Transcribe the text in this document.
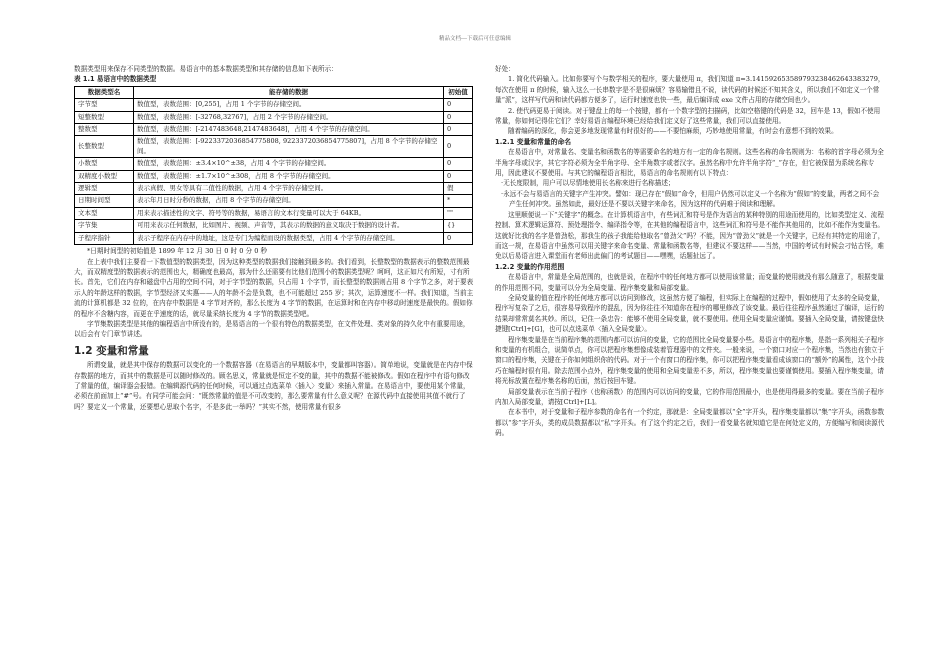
精品文档---下载后可任意编辑

数据类型用来保存不同类型的数据。易语言中的基本数据类型和其存储的信息如下表所示：

表 1.1 易语言中的数据类型
数据类型名	能存储的数据	初始值
字节型	数值型，表数范围：[0,255]，占用 1 个字节的存储空间。	0
短整数型	数值型，表数范围：[-32768,32767]，占用 2 个字节的存储空间。	0
整数型	数值型，表数范围：[-2147483648,2147483648]，占用 4 个字节的存储空间。	0
长整数型	数值型，表数范围：[-9223372036854775808, 9223372036854775807]，占用 8 个字节的存储空间。	0
小数型	数值型，表数范围：±3.4×10^±38，占用 4 个字节的存储空间。	0
双精度小数型	数值型，表数范围：±1.7×10^±308，占用 8 个字节的存储空间。	0
逻辑型	表示真假、男女等具有二值性的数据，占用 4 个字节的存储空间。	假
日期时间型	表示年月日时分秒的数据，占用 8 个字节的存储空间。	*
文本型	用来表示描述性的文字、符号等的数据，易语言的文本行变量可以大于 64KB。	""
字节集	可用来表示任何数据，比如图片、视频、声音等，其表示的数据的意义取决于数据的设计者。	{}
子程序指针	表示子程序在内存中的地址，这是专门为编程而设的数据类型，占用 4 个字节的存储空间。	0

*日期时间型的初始值是 1899 年 12 月 30 日 0 时 0 分 0 秒

在上表中我们主要看一下数值型的数据类型，因为这种类型的数据我们接触到最多的。我们看到，长整数型的数据表示的整数范围最大，而双精度型的数据表示的范围也大，精确度也最高，那为什么还需要有比他们范围小的数据类型呢？呵呵，这正如尺有所短，寸有所长。首先，它们在内存和磁盘中占用的空间不同，对于字节型的数据，只占用 1 个字节，而长整型的数据则占用 8 个字节之多，对于要表示人的年龄这样的数据，字节型经济又实惠——人的年龄不会是负数，也不可能超过 255 岁；其次，运算速度不一样。我们知道，当前主流的计算机都是 32 位的，在内存中数据是 4 字节对齐的，那么长度为 4 字节的数据，在运算时和在内存中移动时速度是最快的。假如你的程序不含糖内容，而更在乎速度的话，就尽量采纳长度为 4 字节的数据类型吧。

字节集数据类型是其他的编程语言中所没有的，是易语言的一个很有特色的数据类型，在文件处理、类对象的持久化中有重要用途，以后会有专门章节讲述。

1.2 变量和常量

所谓变量，就是其中保存的数据可以变化的一个数据容器（在易语言的早期版本中，变量都叫容器）。简单地说，变量就是在内存中保存数据的地方，而其中的数据是可以随时修改的。顾名思义，常量就是恒定不变的量，其中的数据不能被修改。假如在程序中有语句修改了常量的值，编译器会报错。在编辑源代码的任何时候，可以通过点选菜单〈插入〉变量〉来插入常量。在易语言中，要使用某个常量，必须在前面加上“#”号。有同学可能会问：“既然常量的值是不可改变的，那么要常量有什么意义呢？在源代码中直接使用其值不就行了吗？要定义一个常量，还要想心思取个名字，不是多此一举吗？”其实不然，使用常量有很多

好处：

1. 简化代码输入。比如你要写个与数学相关的程序，要大量使用 π，我们知道 π=3.141592653589793238462643383279，每次在使用 π 的时候，输入这么一长串数字是不是很麻烦？容易输错且不说，读代码的时候还不知其含义，所以我们不如定义一个常量“派”，这样写代码和读代码都方便多了，运行时速度也快一些，最后编译成 exe 文件占用的存储空间也少。

2. 使代码更易于阅读。对于键盘上的每一个按键，都有一个数字型的扫描码，比如空格键的代码是 32，回车是 13，假如不使用常量，你如何记得住它们？幸好易语言编程环境已经给我们定义好了这些常量，我们可以直接使用。

随着编码的深化，你会更多地发现常量有时很好的——不要怕麻烦，巧妙地使用常量，有时会有意想不到的效果。

1.2.1 变量和常量的命名

在易语言中，对常量名、变量名和函数名的等需要命名的地方有一定的命名规则。这些名称的命名规则为：名称的首字母必须为全半角字母或汉字，其它字符必须为全半角字母、全半角数字或者汉字。虽然名称中允许半角字符“_”存在，但它被保留为系统名称专用，因此建议不要使用。与其它的编程语言相比，易语言的命名规则有以下特点：

·无长度限制，用户可以尽情地使用长名称来进行名称描述；

·永远不会与易语言的关键字产生冲突。譬如：现已存在“假如”命令，但用户仍然可以定义一个名称为“假如”的变量，两者之间不会产生任何冲突。虽然如此，最好还是不要以关键字来命名，因为这样的代码难于阅读和理解。

这里顺便说一下“关键字”的概念。在计算机语言中，有些词汇和符号是作为语言的某种特别的用途而使用的，比如类型定义、流程控制、算术逻辑运算符、预处理指令、编译指令等，在其他的编程语言中，这些词汇和符号是不能作其他用的，比如不能作为变量名。这就好比我的名字是曾劲松，那我生的孩子我能给他取名“曾劲父”吗？不能，因为“曾劲父”就是一个关键字，已经有其特定的用途了，而这一规，在易语言中虽然可以用关键字来命名变量、常量和函数名等，但建议不要这样——当然，中国的考试有时候会刁钻古怪，难免以后易语言进入课堂而有老师出此偏门的考试题目——嘿嘿，话题扯远了。

1.2.2 变量的作用范围

在易语言中，常量是全局范围的，也就是说，在程序中的任何地方都可以使用该常量；而变量的使用就没有那么随意了，根据变量的作用范围不同，变量可以分为全局变量、程序集变量和局部变量。

全局变量的值在程序的任何地方都可以访问到修改，这虽然方便了编程，但实际上在编程的过程中，假如使用了太多的全局变量，程序写复杂了之后，很容易导致程序的混乱，因为你往往不知道你在程序的哪里修改了该变量。最后往往程序虽然通过了编译，运行的结果却常常莫名其妙。所以，记住一条忠告：能够不使用全局变量，就不要使用。使用全局变量应谨慎。要插入全局变量，请按键盘快捷键[Ctrl]+[G]，也可以点选菜单〈插入全局变量〉。

程序集变量是在当前程序集的范围内都可以访问的变量，它的范围比全局变量要小些。易语言中的程序集，是指一系列相关子程序和变量的有机组合，说简单点，你可以把程序集想像成装着管理器中的文件夹。一般来说，一个窗口对应一个程序集，当然也有独立于窗口的程序集，关键在于你如何组织你的代码。对于一个有窗口的程序集，你可以把程序集变量看成该窗口的“额外”的属性，这个小技巧在编程时很有用。除去范围小点外，程序集变量的使用和全局变量差不多，所以，程序集变量也要谨慎使用。要插入程序集变量，请将光标放置在程序集名称的后面，然后按回车键。

局部变量表示在当前子程序（也称函数）的范围内可以访问的变量，它的作用范围最小，也是使用得最多的变量。要在当前子程序内加入局部变量，请按[Ctrl]+[L]。

在本书中，对于变量和子程序参数的命名有一个约定，那就是：全局变量都以“全”字开头，程序集变量都以“集”字开头，函数参数都以“参”字开头，类的成员数据都以“私”字开头。有了这个约定之后，我们一看变量名就知道它是在何处定义的，方便编写和阅读源代码。
